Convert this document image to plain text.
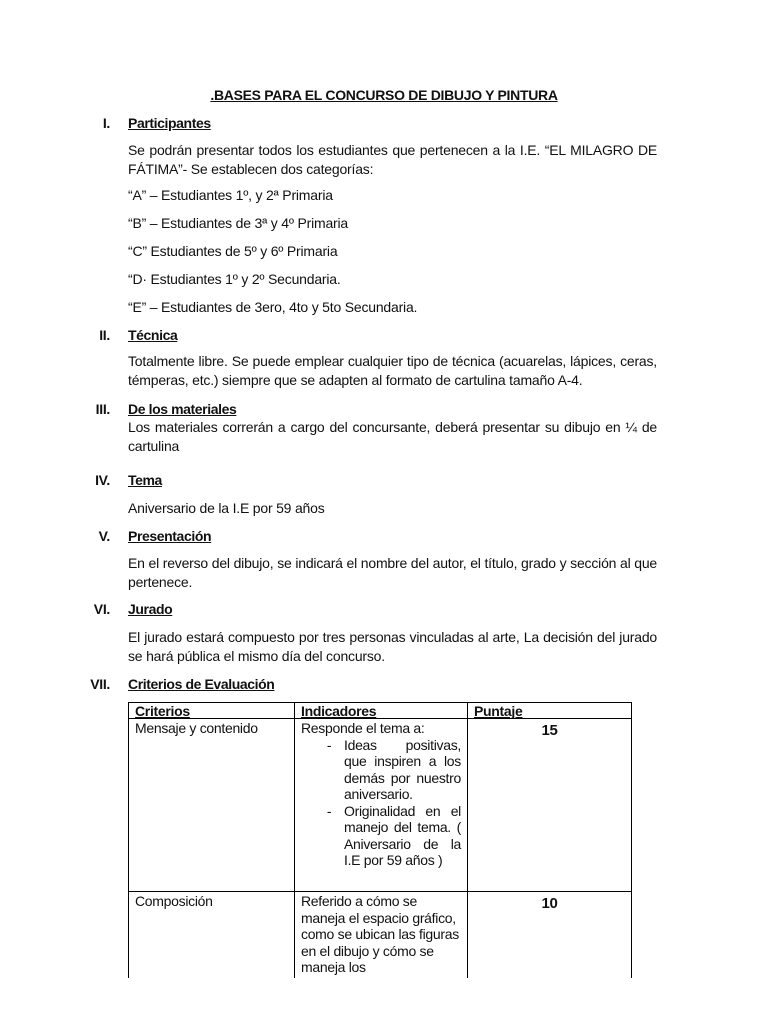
.BASES PARA EL CONCURSO DE DIBUJO Y PINTURA
I. Participantes
Se podrán presentar todos los estudiantes que pertenecen a la I.E. “EL MILAGRO DE FÁTIMA”- Se establecen dos categorías:
“A” – Estudiantes 1º, y 2ª Primaria
“B” – Estudiantes de 3ª y 4º Primaria
“C” Estudiantes de 5º y 6º Primaria
“D· Estudiantes 1º y 2º Secundaria.
“E” – Estudiantes de 3ero, 4to y 5to Secundaria.
II. Técnica
Totalmente libre. Se puede emplear cualquier tipo de técnica (acuarelas, lápices, ceras, témperas, etc.) siempre que se adapten al formato de cartulina tamaño A-4.
III. De los materiales
Los materiales correrán a cargo del concursante, deberá presentar su dibujo en ¼ de cartulina
IV. Tema
Aniversario de la I.E por 59 años
V. Presentación
En el reverso del dibujo, se indicará el nombre del autor, el título, grado y sección al que pertenece.
VI. Jurado
El jurado estará compuesto por tres personas vinculadas al arte, La decisión del jurado se hará pública el mismo día del concurso.
VII. Criterios de Evaluación
Criterios	Indicadores	Puntaje
Mensaje y contenido	Responde el tema a:
- Ideas positivas, que inspiren a los demás por nuestro aniversario.
- Originalidad en el manejo del tema. ( Aniversario de la I.E por 59 años )	15
Composición	Referido a cómo se maneja el espacio gráfico, como se ubican las figuras en el dibujo y cómo se maneja los	10
